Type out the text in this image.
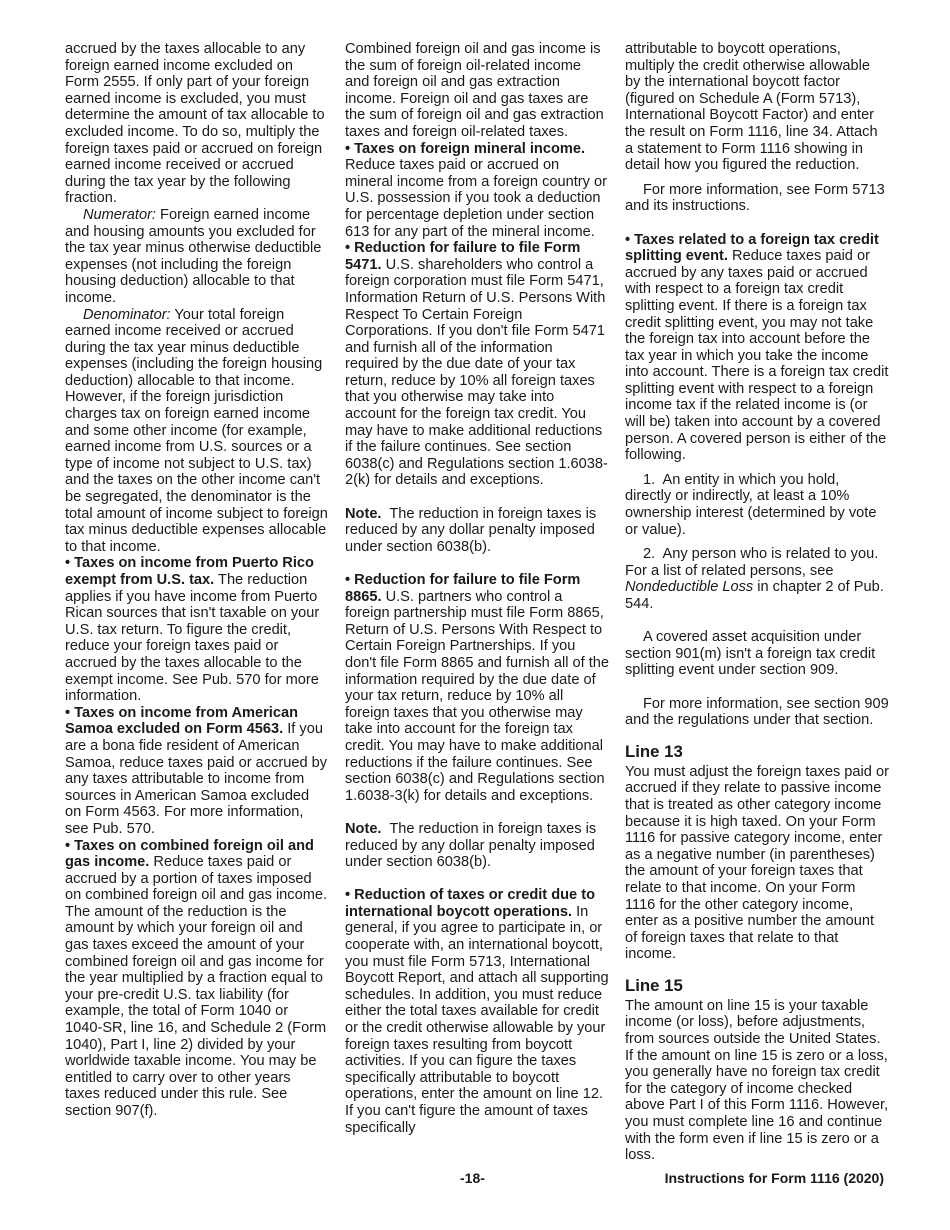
accrued by the taxes allocable to any foreign earned income excluded on Form 2555. If only part of your foreign earned income is excluded, you must determine the amount of tax allocable to excluded income. To do so, multiply the foreign taxes paid or accrued on foreign earned income received or accrued during the tax year by the following fraction.

Numerator: Foreign earned income and housing amounts you excluded for the tax year minus otherwise deductible expenses (not including the foreign housing deduction) allocable to that income.

Denominator: Your total foreign earned income received or accrued during the tax year minus deductible expenses (including the foreign housing deduction) allocable to that income. However, if the foreign jurisdiction charges tax on foreign earned income and some other income (for example, earned income from U.S. sources or a type of income not subject to U.S. tax) and the taxes on the other income can't be segregated, the denominator is the total amount of income subject to foreign tax minus deductible expenses allocable to that income.

• Taxes on income from Puerto Rico exempt from U.S. tax. The reduction applies if you have income from Puerto Rican sources that isn't taxable on your U.S. tax return. To figure the credit, reduce your foreign taxes paid or accrued by the taxes allocable to the exempt income. See Pub. 570 for more information.

• Taxes on income from American Samoa excluded on Form 4563. If you are a bona fide resident of American Samoa, reduce taxes paid or accrued by any taxes attributable to income from sources in American Samoa excluded on Form 4563. For more information, see Pub. 570.

• Taxes on combined foreign oil and gas income. Reduce taxes paid or accrued by a portion of taxes imposed on combined foreign oil and gas income. The amount of the reduction is the amount by which your foreign oil and gas taxes exceed the amount of your combined foreign oil and gas income for the year multiplied by a fraction equal to your pre-credit U.S. tax liability (for example, the total of Form 1040 or 1040-SR, line 16, and Schedule 2 (Form 1040), Part I, line 2) divided by your worldwide taxable income. You may be entitled to carry over to other years taxes reduced under this rule. See section 907(f).

Combined foreign oil and gas income is the sum of foreign oil-related income and foreign oil and gas extraction income. Foreign oil and gas taxes are the sum of foreign oil and gas extraction taxes and foreign oil-related taxes.

• Taxes on foreign mineral income. Reduce taxes paid or accrued on mineral income from a foreign country or U.S. possession if you took a deduction for percentage depletion under section 613 for any part of the mineral income.

• Reduction for failure to file Form 5471. U.S. shareholders who control a foreign corporation must file Form 5471, Information Return of U.S. Persons With Respect To Certain Foreign Corporations. If you don't file Form 5471 and furnish all of the information required by the due date of your tax return, reduce by 10% all foreign taxes that you otherwise may take into account for the foreign tax credit. You may have to make additional reductions if the failure continues. See section 6038(c) and Regulations section 1.6038-2(k) for details and exceptions.

Note.  The reduction in foreign taxes is reduced by any dollar penalty imposed under section 6038(b).

• Reduction for failure to file Form 8865. U.S. partners who control a foreign partnership must file Form 8865, Return of U.S. Persons With Respect to Certain Foreign Partnerships. If you don't file Form 8865 and furnish all of the information required by the due date of your tax return, reduce by 10% all foreign taxes that you otherwise may take into account for the foreign tax credit. You may have to make additional reductions if the failure continues. See section 6038(c) and Regulations section 1.6038-3(k) for details and exceptions.

Note.  The reduction in foreign taxes is reduced by any dollar penalty imposed under section 6038(b).

• Reduction of taxes or credit due to international boycott operations. In general, if you agree to participate in, or cooperate with, an international boycott, you must file Form 5713, International Boycott Report, and attach all supporting schedules. In addition, you must reduce either the total taxes available for credit or the credit otherwise allowable by your foreign taxes resulting from boycott activities. If you can figure the taxes specifically attributable to boycott operations, enter the amount on line 12. If you can't figure the amount of taxes specifically

attributable to boycott operations, multiply the credit otherwise allowable by the international boycott factor (figured on Schedule A (Form 5713), International Boycott Factor) and enter the result on Form 1116, line 34. Attach a statement to Form 1116 showing in detail how you figured the reduction.

For more information, see Form 5713 and its instructions.

• Taxes related to a foreign tax credit splitting event. Reduce taxes paid or accrued by any taxes paid or accrued with respect to a foreign tax credit splitting event. If there is a foreign tax credit splitting event, you may not take the foreign tax into account before the tax year in which you take the income into account. There is a foreign tax credit splitting event with respect to a foreign income tax if the related income is (or will be) taken into account by a covered person. A covered person is either of the following.

1.  An entity in which you hold, directly or indirectly, at least a 10% ownership interest (determined by vote or value).

2.  Any person who is related to you. For a list of related persons, see Nondeductible Loss in chapter 2 of Pub. 544.

A covered asset acquisition under section 901(m) isn't a foreign tax credit splitting event under section 909.

For more information, see section 909 and the regulations under that section.

Line 13

You must adjust the foreign taxes paid or accrued if they relate to passive income that is treated as other category income because it is high taxed. On your Form 1116 for passive category income, enter as a negative number (in parentheses) the amount of your foreign taxes that relate to that income. On your Form 1116 for the other category income, enter as a positive number the amount of foreign taxes that relate to that income.

Line 15

The amount on line 15 is your taxable income (or loss), before adjustments, from sources outside the United States. If the amount on line 15 is zero or a loss, you generally have no foreign tax credit for the category of income checked above Part I of this Form 1116. However, you must complete line 16 and continue with the form even if line 15 is zero or a loss.

-18-	Instructions for Form 1116 (2020)
